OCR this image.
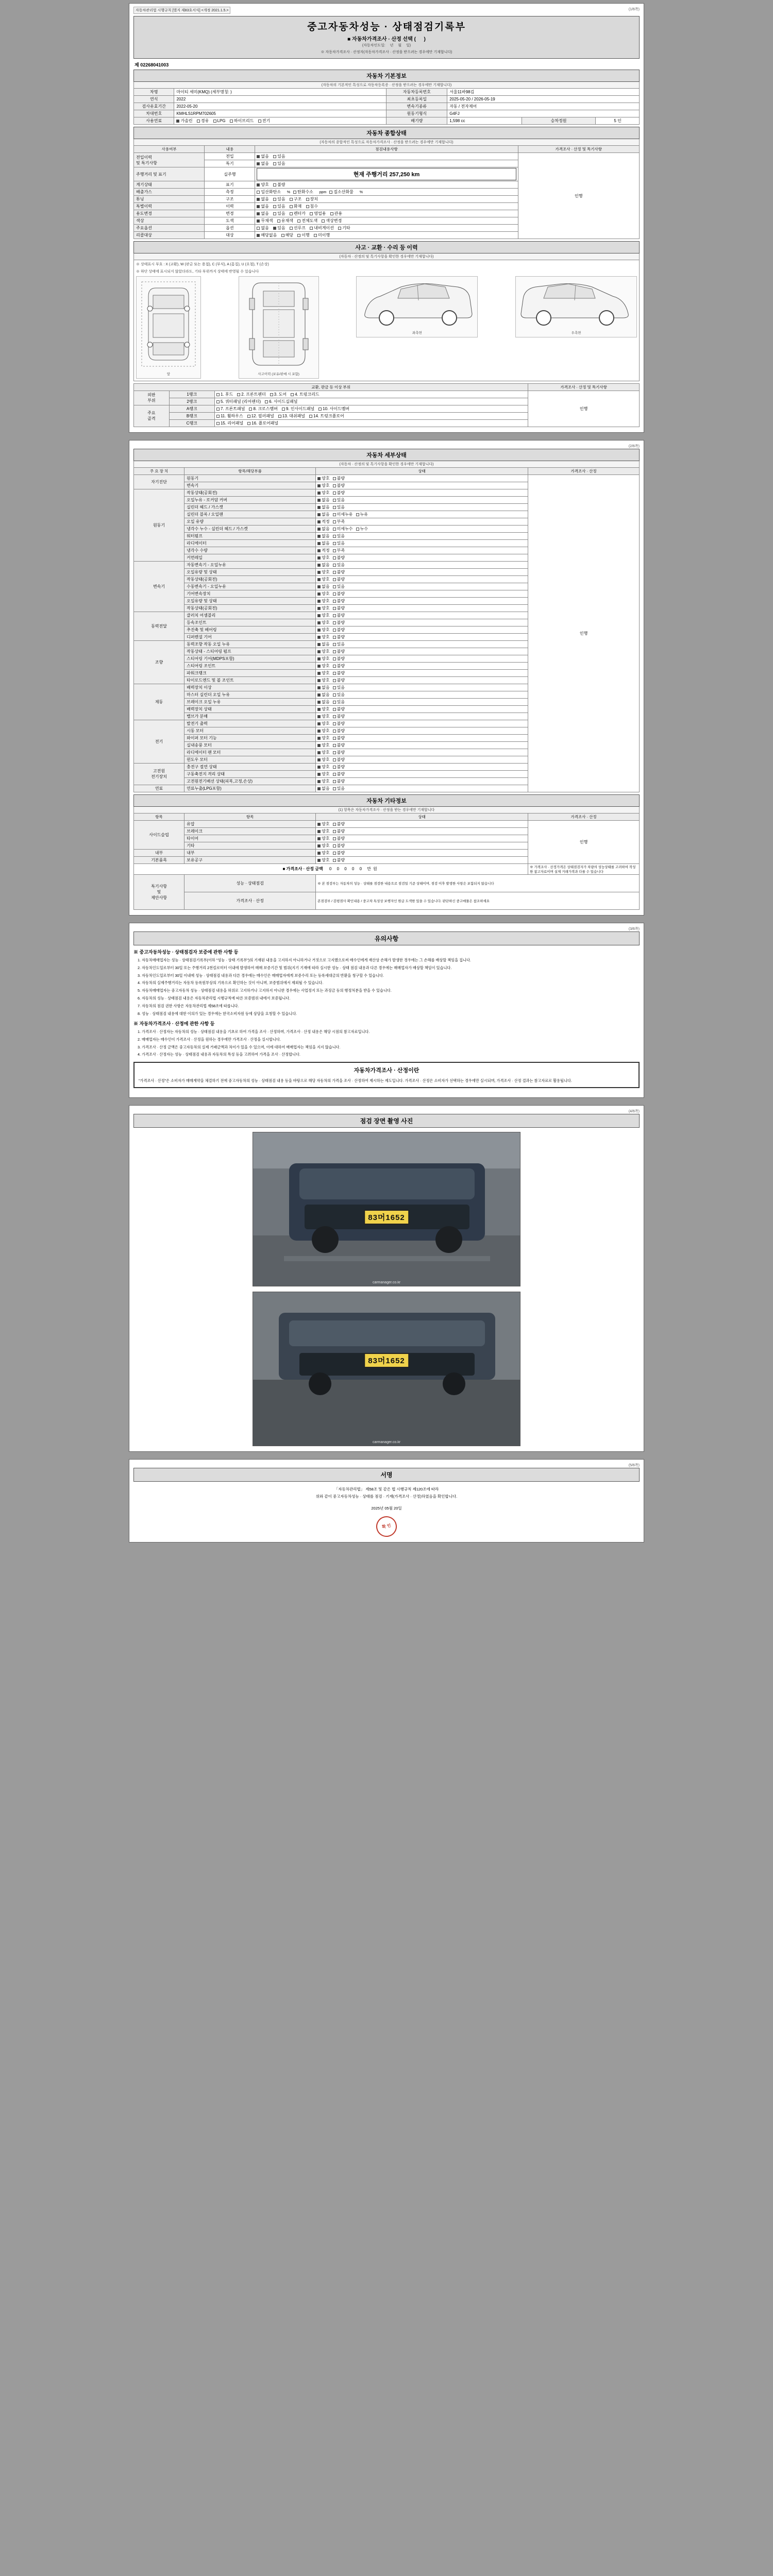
자동차관리법 시행규칙 [별지 제83호서식] <개정 2021.1.5.>	(1/6쪽)
중고자동차성능 · 상태점검기록부
■ 자동차가격조사 · 산정 선택 ( 　 )
(자동차인도일: 　년 　월 　일)
※ 자동차가격조사 · 산정자(자동차가격조사 · 산정을 받으려는 경우에만 기재합니다)
제 02268041003
자동차 기본정보					
(자동차의 기본적인 특성으로 자동차등록증 · 산정을 받으려는 경우에만 기재합니다)					
차명	마이티 세미(KMQ) (세부명칭: )	자동차등록번호	서울11바98김		
연식	2022	최초등록일	2025-05-20 / 2026-05-19		
검사유효기간	2022-05-20	변속기종류	자동 / 전자제어		
차대번호	KMHLS1RPM702605	원동기형식	G4FJ		
사용연료	가솔린 경유 LPG 하이브리드 전기	배기량	1,598 cc	승차정원	5 인
자동차 종합상태			
(자동차의 종합적인 특성으로 자동차가격조사 · 산정을 받으려는 경우에만 기재합니다)			
사용여부	내용	점검내용사항	가격조사 · 산정 및 특기사항
전입이력
및 특기사항	전입	없음 있음	인행
	특기	없음 있음	
주행거리 및 표기	실주행	현재 주행거리 257,250 km	

계기상태	표기	양호 불량	
배출가스	측정	일산화탄소   %   탄화수소   ppm   질소산화물   %	
튜닝	구조	없음 있음 구조 장치	
특별이력	이력	없음 있음 화재 침수	
용도변경	변경	없음 있음 렌터카 영업용 관용	
색상	도색	무채색 유채색 전체도색 색상변경	
주요옵션	옵션	없음 있음 선루프 내비게이션 기타	
리콜대상	대상	해당없음 해당 이행 미이행	
사고 · 교환 · 수리 등 이력
(자동차 · 산정의 및 특기사항을 확인한 경우에만 기재합니다)
※ 상태표시 부호 : X (교환), W (판금 또는 용접), C (부식), A (흠집), U (요철), T (손상)
※ 하단 상태에 표시되지 않았더라도, 기타 부위까지 상태에 반영될 수 있습니다
앞	사고이력 (보유/판매 시 포함)
좌측면	우측면
교환, 판금 등 이상 부위			가격조사 · 산정 및 특기사항
외판
부위	1랭크	1. 후드 2. 프론트펜더 3. 도어 4. 트렁크리드	인행
	2랭크	5. 쿼터패널 (리어펜더) 6. 사이드실패널	
주요
골격	A랭크	7. 프론트패널 8. 크로스멤버 9. 인사이드패널 10. 사이드멤버	
	B랭크	11. 휠하우스 12. 필러패널 13. 대쉬패널 14. 트렁크플로어	
	C랭크	15. 리어패널 16. 플로어패널	
(2/6쪽)
자동차 세부상태			
(자동차 · 산정의 및 특기사항을 확인한 경우에만 기재합니다)			
주 요 장 치	항목/해당부품	상태	가격조사 · 산정
자기진단	원동기	양호 불량	인행
	변속기	양호 불량	
원동기	작동상태(공회전)	양호 불량	
	오일누유 - 로커암 커버	없음 있음	
	실린더 헤드 / 가스켓	없음 있음	
	실린더 블록 / 오일팬	없음 미세누유 누유	
	오일 유량	적정 부족	
	냉각수 누수 - 실린더 헤드 / 가스켓	없음 미세누수 누수	
	워터펌프	없음 있음	
	라디에이터	없음 있음	
	냉각수 수량	적정 부족	
	커먼레일	양호 불량	
변속기	자동변속기 - 오일누유	없음 있음	
	오일유량 및 상태	양호 불량	
	작동상태(공회전)	양호 불량	
	수동변속기 - 오일누유	없음 있음	
	기어변속장치	양호 불량	
	오일유량 및 상태	양호 불량	
	작동상태(공회전)	양호 불량	
동력전달	클러치 어셈블리	양호 불량	
	등속조인트	양호 불량	
	추진축 및 베어링	양호 불량	
	디퍼렌셜 기어	양호 불량	
조향	동력조향 작동 오일 누유	없음 있음	
	작동상태 - 스티어링 펌프	양호 불량	
	스티어링 기어(MDPS포함)	양호 불량	
	스티어링 조인트	양호 불량	
	파워크랭크	양호 불량	
	타이로드엔드 및 볼 조인트	양호 불량	
제동	배력장치 이상	없음 있음	
	마스터 실린더 오일 누유	없음 있음	
	브레이크 오일 누유	없음 있음	
	배력장치 상태	양호 불량	
	밸브가 분해	양호 불량	
전기	발전기 출력	양호 불량	
	시동 모터	양호 불량	
	와이퍼 모터 기능	양호 불량	
	실내송풍 모터	양호 불량	
	라디에이터 팬 모터	양호 불량	
	윈도우 모터	양호 불량	
고전원
전기장치	충전구 절연 상태	양호 불량	
	구동축전지 격리 상태	양호 불량	
	고전원전기배선 상태(피복,고정,손상)	양호 불량	
연료	연료누출(LPG포함)	없음 있음	
자동차 기타정보			
(1) 항목은 자동차가격조사 · 산정을 받는 경우에만 기재합니다			
항목	항목	상태	가격조사 · 산정
사이드슬립	유압	양호 불량	인행
	브레이크	양호 불량	
	타이어	양호 불량	
	기타	양호 불량	
내부	내부	양호 불량	
기본품목	보유공구	양호 불량	
■ 가격조사 · 산정 금액 0 0 0 0 0 만원			※ 가격조사 · 산정가격은 상태점검자가 차량의 성능상태를 고려하여 작성한 참고자료이며 실제 거래가격과 다를 수 있습니다
특기사항
및
제안사항	성능 · 상태점검	※ 본 점검부는 자동차의 성능 · 상태를 점검한 내용으로 점검일 기준 상태이며, 점검 이후 발생한 사항은 포함되지 않습니다	
	가격조사 · 산정	본점검부 / 감평점사 확인내용 / 중고차 특성상 보행자인 원급 도색한 있을 수 있습니다. 판단하신 중고매물은 참조하세요	
(3/6쪽)
유의사항
※ 중고자동차성능 · 상태점검자 보증에 관한 사항 등
1. 자동차매매업자는 성능 · 상태점검기록부(이하 "성능 · 상태 기록부")의 기재된 내용을 고지하지 아니하거나 거짓으로 고지했으로써 매수인에게 재산상 손해가 발생한 경우에는 그 손해를 배상할 책임을 집니다.
2. 자동차인도일로부터 30일 또는 주행거리 2천킬로미터 이내에 발생하여 매매 보증기간 및 범위(지기 기재에 따라 실시한 성능 · 상태 점검 내용과 다른 경우에는 매매업자가 배상할 책임이 있습니다.
3. 자동차인도일로부터 30일 이내에 성능 · 상태점검 내용과 다른 경우에는 매수인은 매매업자에게 보증수리 또는 등록세대금의 반환을 청구할 수 있습니다.
4. 자동차의 실제주행거리는 자동차 등록원부상의 기록으로 확인하는 것이 아니며, 보증범위에서 제외될 수 있습니다.
5. 자동차매매업자는 중고자동차 성능 · 상태점검 내용을 허위로 고지하거나 고지하지 아니한 경우에는 사업정지 또는 과징금 등의 행정처분을 받을 수 있습니다.
6. 자동차의 성능 · 상태점검 내용은 자동차관리법 시행규칙에 따른 보증범위 내에서 보증됩니다.
7. 자동차의 점검 권한 사항은 자동차관리법 제58조에 따릅니다.
8. 성능 · 상태점검 내용에 대한 이의가 있는 경우에는 한국소비자원 등에 상담을 요청할 수 있습니다.
※ 자동차가격조사 · 산정에 관한 사항 등
1. 가격조사 · 산정자는 자동차의 성능 · 상태점검 내용을 기초로 하여 가격을 조사 · 산정하며, 가격조사 · 산정 내용은 해당 시점의 참고자료입니다.
2. 매매업자는 매수인이 가격조사 · 산정을 원하는 경우에만 가격조사 · 산정을 실시합니다.
3. 가격조사 · 산정 금액은 중고자동차의 실제 거래금액과 차이가 있을 수 있으며, 이에 대하여 매매업자는 책임을 지지 않습니다.
4. 가격조사 · 산정자는 성능 · 상태점검 내용과 자동차의 특성 등을 고려하여 가격을 조사 · 산정합니다.
자동차가격조사 · 산정이란
"가격조사 · 산정"은 소비자가 매매계약을 체결하기 전에 중고자동차의 성능 · 상태점검 내용 등을 바탕으로 해당 자동차의 가격을 조사 · 산정하여 제시하는 제도입니다. 가격조사 · 산정은 소비자가 선택하는 경우에만 실시되며, 가격조사 · 산정 결과는 참고자료로 활용됩니다.
(4/6쪽)
점검 장면 촬영 사진
83머1652
carmanager.co.kr
83머1652
carmanager.co.kr
(5/6쪽)
서명
「자동차관리법」 제58조 및 같은 법 시행규칙 제120조에 따라
위와 같이 중고자동차성능 · 상태를 점검 · 기재(가격조사 · 산정)하였음을 확인합니다.
2025년 05월 20일
확 인
